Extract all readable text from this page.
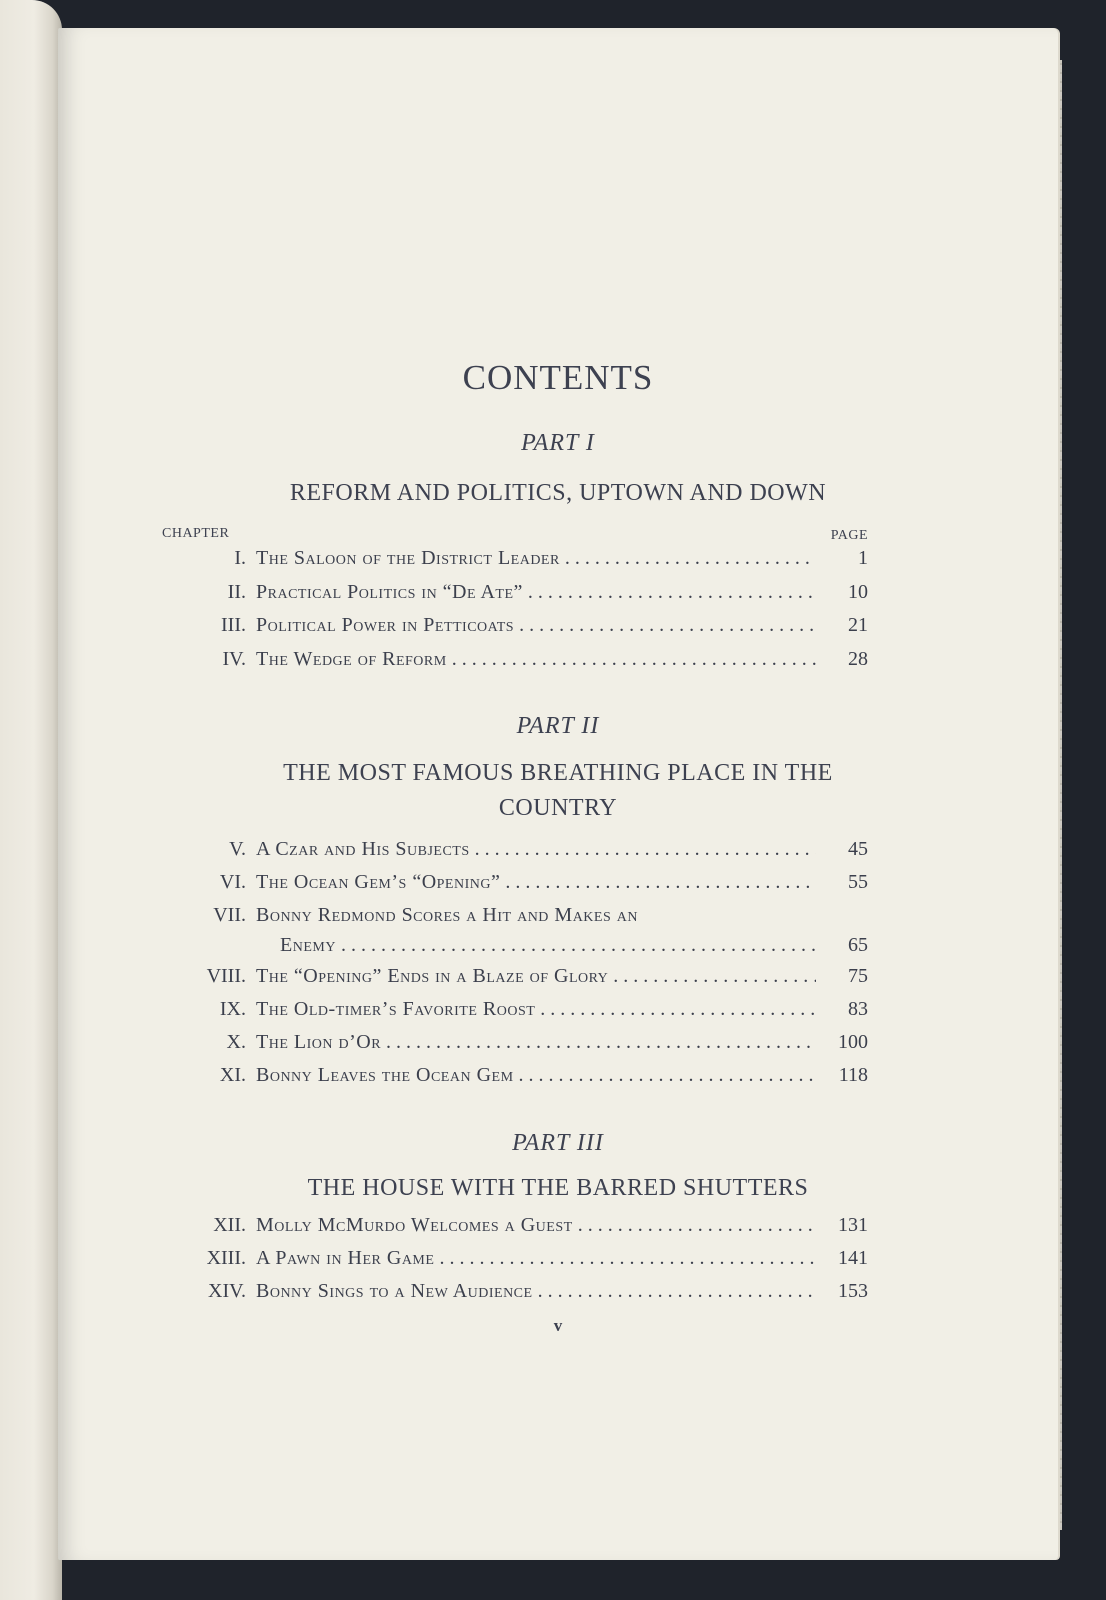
CONTENTS
PART I
REFORM AND POLITICS, UPTOWN AND DOWN
CHAPTER	PAGE
I. The Saloon of the District Leader . . .	1
II. Practical Politics in “De Ate” . . .	10
III. Political Power in Petticoats . . .	21
IV. The Wedge of Reform . . .	28
PART II
THE MOST FAMOUS BREATHING PLACE IN THE
COUNTRY
V. A Czar and His Subjects . . .	45
VI. The Ocean Gem’s “Opening” . . .	55
VII. Bonny Redmond Scores a Hit and Makes an
Enemy . . .	65
VIII. The “Opening” Ends in a Blaze of Glory . . .	75
IX. The Old-timer’s Favorite Roost . . .	83
X. The Lion d’Or . . .	100
XI. Bonny Leaves the Ocean Gem . . .	118
PART III
THE HOUSE WITH THE BARRED SHUTTERS
XII. Molly McMurdo Welcomes a Guest . . .	131
XIII. A Pawn in Her Game . . .	141
XIV. Bonny Sings to a New Audience . . .	153
v
